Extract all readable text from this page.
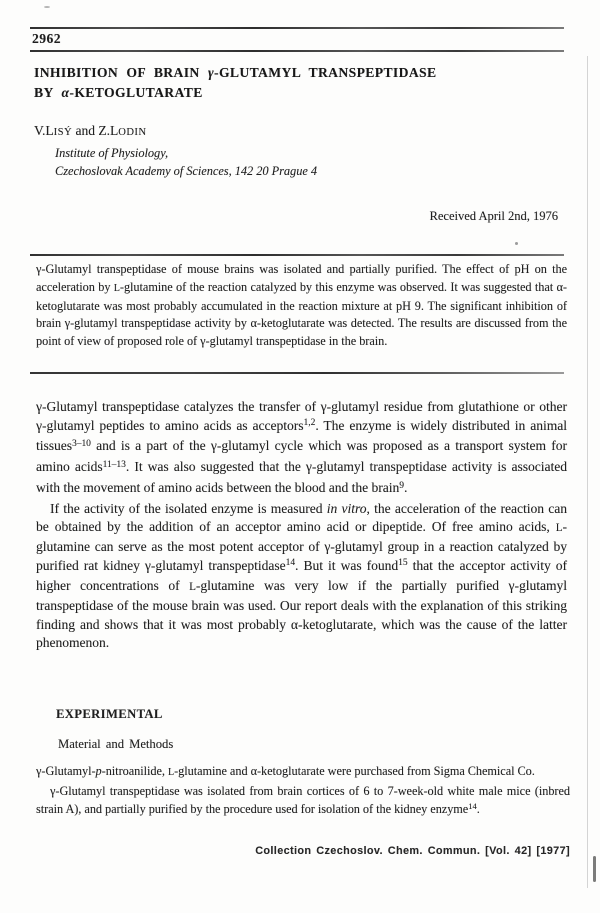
2962
INHIBITION OF BRAIN γ-GLUTAMYL TRANSPEPTIDASE
BY α-KETOGLUTARATE
V.LISÝ and Z.LODIN
Institute of Physiology,
Czechoslovak Academy of Sciences, 142 20 Prague 4
Received April 2nd, 1976

γ-Glutamyl transpeptidase of mouse brains was isolated and partially purified. The effect of pH on the acceleration by L-glutamine of the reaction catalyzed by this enzyme was observed. It was suggested that α-ketoglutarate was most probably accumulated in the reaction mixture at pH 9. The significant inhibition of brain γ-glutamyl transpeptidase activity by α-ketoglutarate was detected. The results are discussed from the point of view of proposed role of γ-glutamyl transpeptidase in the brain.

γ-Glutamyl transpeptidase catalyzes the transfer of γ-glutamyl residue from glutathione or other γ-glutamyl peptides to amino acids as acceptors$^{1,2}$. The enzyme is widely distributed in animal tissues$^{3-10}$ and is a part of the γ-glutamyl cycle which was proposed as a transport system for amino acids$^{11-13}$. It was also suggested that the γ-glutamyl transpeptidase activity is associated with the movement of amino acids between the blood and the brain$^9$.

If the activity of the isolated enzyme is measured in vitro, the acceleration of the reaction can be obtained by the addition of an acceptor amino acid or dipeptide. Of free amino acids, L-glutamine can serve as the most potent acceptor of γ-glutamyl group in a reaction catalyzed by purified rat kidney γ-glutamyl transpeptidase$^{14}$. But it was found$^{15}$ that the acceptor activity of higher concentrations of L-glutamine was very low if the partially purified γ-glutamyl transpeptidase of the mouse brain was used. Our report deals with the explanation of this striking finding and shows that it was most probably α-ketoglutarate, which was the cause of the latter phenomenon.

EXPERIMENTAL
Material and Methods

γ-Glutamyl-p-nitroanilide, L-glutamine and α-ketoglutarate were purchased from Sigma Chemical Co.

γ-Glutamyl transpeptidase was isolated from brain cortices of 6 to 7-week-old white male mice (inbred strain A), and partially purified by the procedure used for isolation of the kidney enzyme$^{14}$.

Collection Czechoslov. Chem. Commun. [Vol. 42] [1977]
